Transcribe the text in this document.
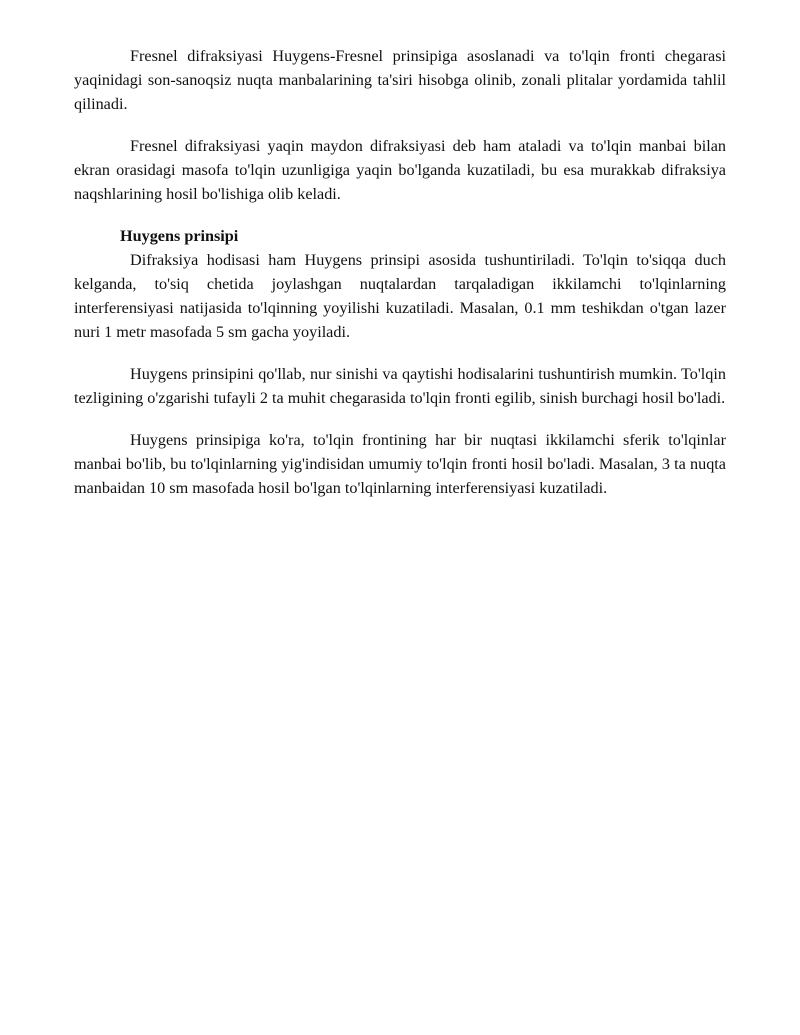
Fresnel difraksiyasi Huygens-Fresnel prinsipiga asoslanadi va to'lqin fronti chegarasi yaqinidagi son-sanoqsiz nuqta manbalarining ta'siri hisobga olinib, zonali plitalar yordamida tahlil qilinadi.

Fresnel difraksiyasi yaqin maydon difraksiyasi deb ham ataladi va to'lqin manbai bilan ekran orasidagi masofa to'lqin uzunligiga yaqin bo'lganda kuzatiladi, bu esa murakkab difraksiya naqshlarining hosil bo'lishiga olib keladi.

Huygens prinsipi

Difraksiya hodisasi ham Huygens prinsipi asosida tushuntiriladi. To'lqin to'siqqa duch kelganda, to'siq chetida joylashgan nuqtalardan tarqaladigan ikkilamchi to'lqinlarning interferensiyasi natijasida to'lqinning yoyilishi kuzatiladi. Masalan, 0.1 mm teshikdan o'tgan lazer nuri 1 metr masofada 5 sm gacha yoyiladi.

Huygens prinsipini qo'llab, nur sinishi va qaytishi hodisalarini tushuntirish mumkin. To'lqin tezligining o'zgarishi tufayli 2 ta muhit chegarasida to'lqin fronti egilib, sinish burchagi hosil bo'ladi.

Huygens prinsipiga ko'ra, to'lqin frontining har bir nuqtasi ikkilamchi sferik to'lqinlar manbai bo'lib, bu to'lqinlarning yig'indisidan umumiy to'lqin fronti hosil bo'ladi. Masalan, 3 ta nuqta manbaidan 10 sm masofada hosil bo'lgan to'lqinlarning interferensiyasi kuzatiladi.
